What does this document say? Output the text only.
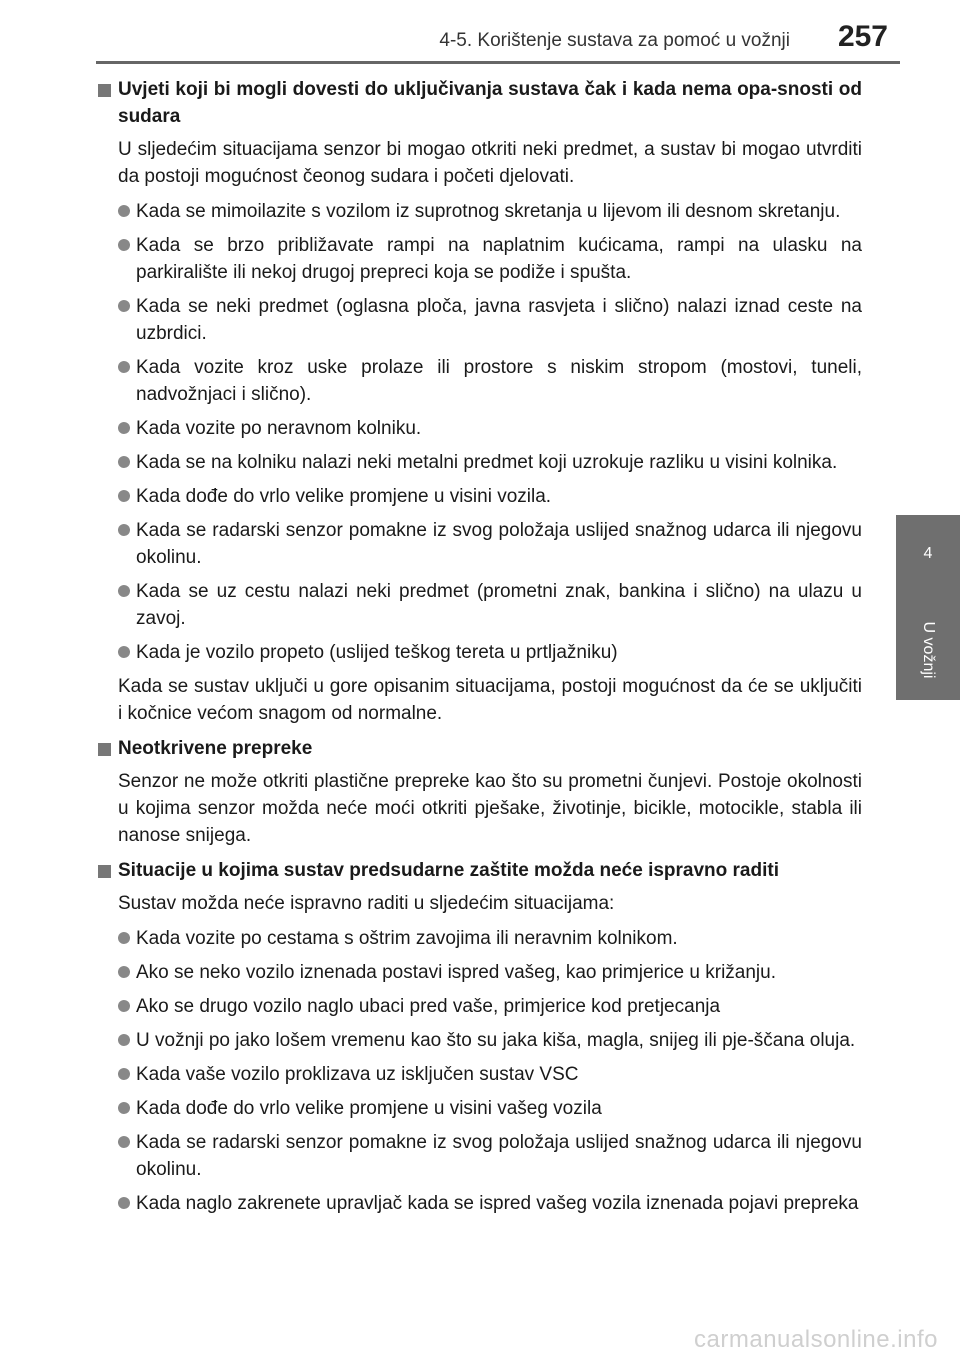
4-5. Korištenje sustava za pomoć u vožnji 257
4
U vožnji
Uvjeti koji bi mogli dovesti do uključivanja sustava čak i kada nema opa-snosti od sudara
U sljedećim situacijama senzor bi mogao otkriti neki predmet, a sustav bi mogao utvrditi da postoji mogućnost čeonog sudara i početi djelovati.
Kada se mimoilazite s vozilom iz suprotnog skretanja u lijevom ili desnom skretanju.
Kada se brzo približavate rampi na naplatnim kućicama, rampi na ulasku na parkiralište ili nekoj drugoj prepreci koja se podiže i spušta.
Kada se neki predmet (oglasna ploča, javna rasvjeta i slično) nalazi iznad ceste na uzbrdici.
Kada vozite kroz uske prolaze ili prostore s niskim stropom (mostovi, tuneli, nadvožnjaci i slično).
Kada vozite po neravnom kolniku.
Kada se na kolniku nalazi neki metalni predmet koji uzrokuje razliku u visini kolnika.
Kada dođe do vrlo velike promjene u visini vozila.
Kada se radarski senzor pomakne iz svog položaja uslijed snažnog udarca ili njegovu okolinu.
Kada se uz cestu nalazi neki predmet (prometni znak, bankina i slično) na ulazu u zavoj.
Kada je vozilo propeto (uslijed teškog tereta u prtljažniku)
Kada se sustav uključi u gore opisanim situacijama, postoji mogućnost da će se uključiti i kočnice većom snagom od normalne.
Neotkrivene prepreke
Senzor ne može otkriti plastične prepreke kao što su prometni čunjevi. Postoje okolnosti u kojima senzor možda neće moći otkriti pješake, životinje, bicikle, motocikle, stabla ili nanose snijega.
Situacije u kojima sustav predsudarne zaštite možda neće ispravno raditi
Sustav možda neće ispravno raditi u sljedećim situacijama:
Kada vozite po cestama s oštrim zavojima ili neravnim kolnikom.
Ako se neko vozilo iznenada postavi ispred vašeg, kao primjerice u križanju.
Ako se drugo vozilo naglo ubaci pred vaše, primjerice kod pretjecanja
U vožnji po jako lošem vremenu kao što su jaka kiša, magla, snijeg ili pje-ščana oluja.
Kada vaše vozilo proklizava uz isključen sustav VSC
Kada dođe do vrlo velike promjene u visini vašeg vozila
Kada se radarski senzor pomakne iz svog položaja uslijed snažnog udarca ili njegovu okolinu.
Kada naglo zakrenete upravljač kada se ispred vašeg vozila iznenada pojavi prepreka
carmanualsonline.info
